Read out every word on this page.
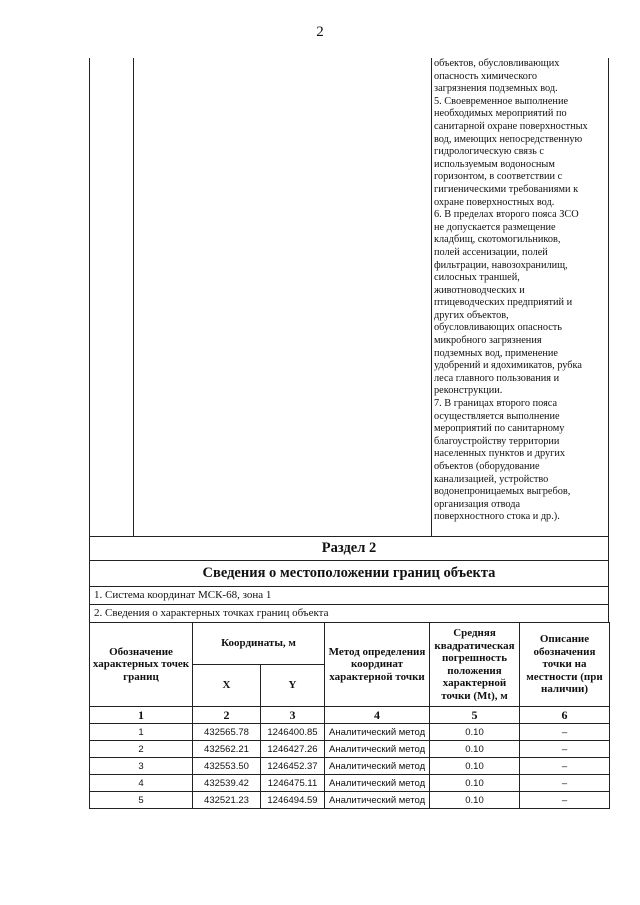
2

объектов, обусловливающих
опасность химического
загрязнения подземных вод.

5. Своевременное выполнение
необходимых мероприятий по
санитарной охране поверхностных
вод, имеющих непосредственную
гидрологическую связь с
используемым водоносным
горизонтом, в соответствии с
гигиеническими требованиями к
охране поверхностных вод.

6. В пределах второго пояса ЗСО
не допускается размещение
кладбищ, скотомогильников,
полей ассенизации, полей
фильтрации, навозохранилищ,
силосных траншей,
животноводческих и
птицеводческих предприятий и
других объектов,
обусловливающих опасность
микробного загрязнения
подземных вод, применение
удобрений и ядохимикатов, рубка
леса главного пользования и
реконструкции.

7. В границах второго пояса
осуществляется выполнение
мероприятий по санитарному
благоустройству территории
населенных пунктов и других
объектов (оборудование
канализацией, устройство
водонепроницаемых выгребов,
организация отвода
поверхностного стока и др.).

Раздел 2
Сведения о местоположении границ объекта
1. Система координат МСК-68, зона 1
2. Сведения о характерных точках границ объекта
Обозначение характерных точек границ	Координаты, м		Метод определения координат характерной точки	Средняя квадратическая погрешность положения характерной точки (Mt), м	Описание обозначения точки на местности (при наличии)
	X	Y			
1	2	3	4	5	6
1	432565.78	1246400.85	Аналитический метод	0.10	–
2	432562.21	1246427.26	Аналитический метод	0.10	–
3	432553.50	1246452.37	Аналитический метод	0.10	–
4	432539.42	1246475.11	Аналитический метод	0.10	–
5	432521.23	1246494.59	Аналитический метод	0.10	–
